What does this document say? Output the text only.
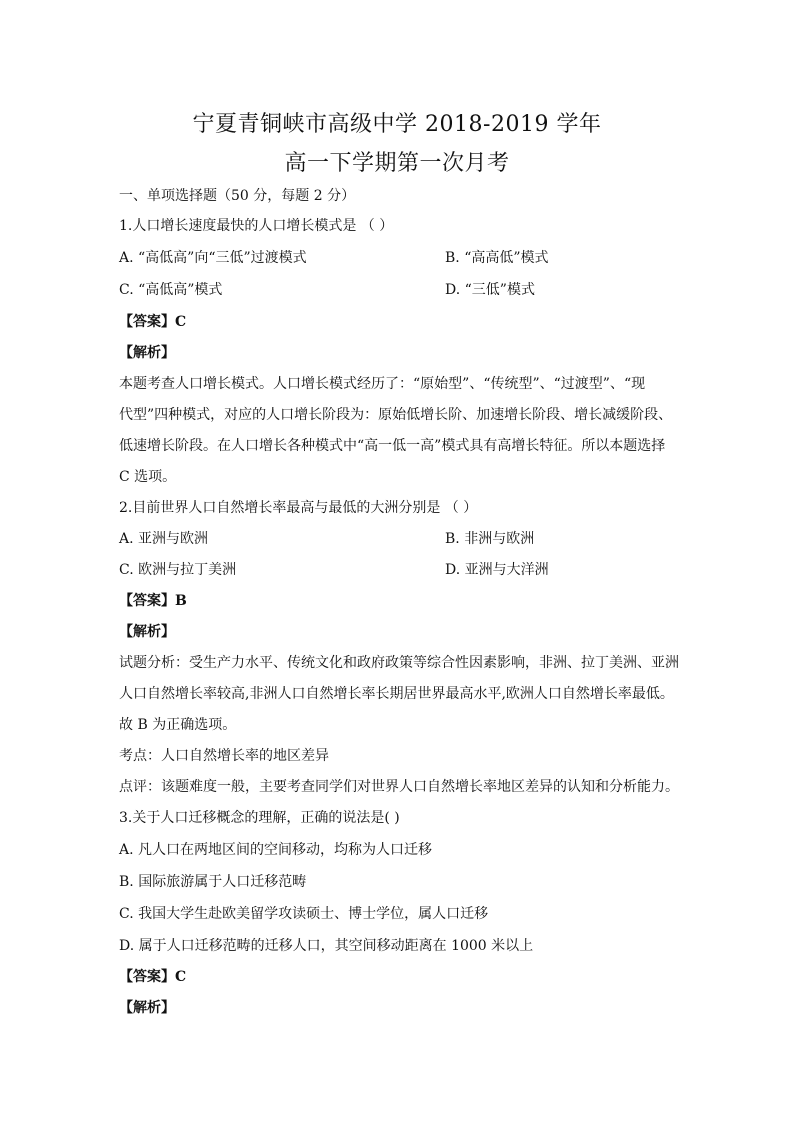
宁夏青铜峡市高级中学 2018-2019 学年
高一下学期第一次月考
一、单项选择题（50 分，每题 2 分）
1.人口增长速度最快的人口增长模式是 （ ）
A. “高低高”向“三低”过渡模式	B. “高高低”模式
C. “高低高”模式	D. “三低”模式
【答案】C
【解析】
本题考查人口增长模式。人口增长模式经历了：“原始型”、“传统型”、“过渡型”、“现
代型”四种模式，对应的人口增长阶段为：原始低增长阶、加速增长阶段、增长减缓阶段、
低速增长阶段。在人口增长各种模式中“高一低一高”模式具有高增长特征。所以本题选择
C 选项。
2.目前世界人口自然增长率最高与最低的大洲分别是 （ ）
A. 亚洲与欧洲	B. 非洲与欧洲
C. 欧洲与拉丁美洲	D. 亚洲与大洋洲
【答案】B
【解析】
试题分析：受生产力水平、传统文化和政府政策等综合性因素影响，非洲、拉丁美洲、亚洲
人口自然增长率较高,非洲人口自然增长率长期居世界最高水平,欧洲人口自然增长率最低。
故 B 为正确选项。
考点：人口自然增长率的地区差异
点评：该题难度一般，主要考查同学们对世界人口自然增长率地区差异的认知和分析能力。
3.关于人口迁移概念的理解，正确的说法是( )
A. 凡人口在两地区间的空间移动，均称为人口迁移
B. 国际旅游属于人口迁移范畴
C. 我国大学生赴欧美留学攻读硕士、博士学位，属人口迁移
D. 属于人口迁移范畴的迁移人口，其空间移动距离在 1000 米以上
【答案】C
【解析】
